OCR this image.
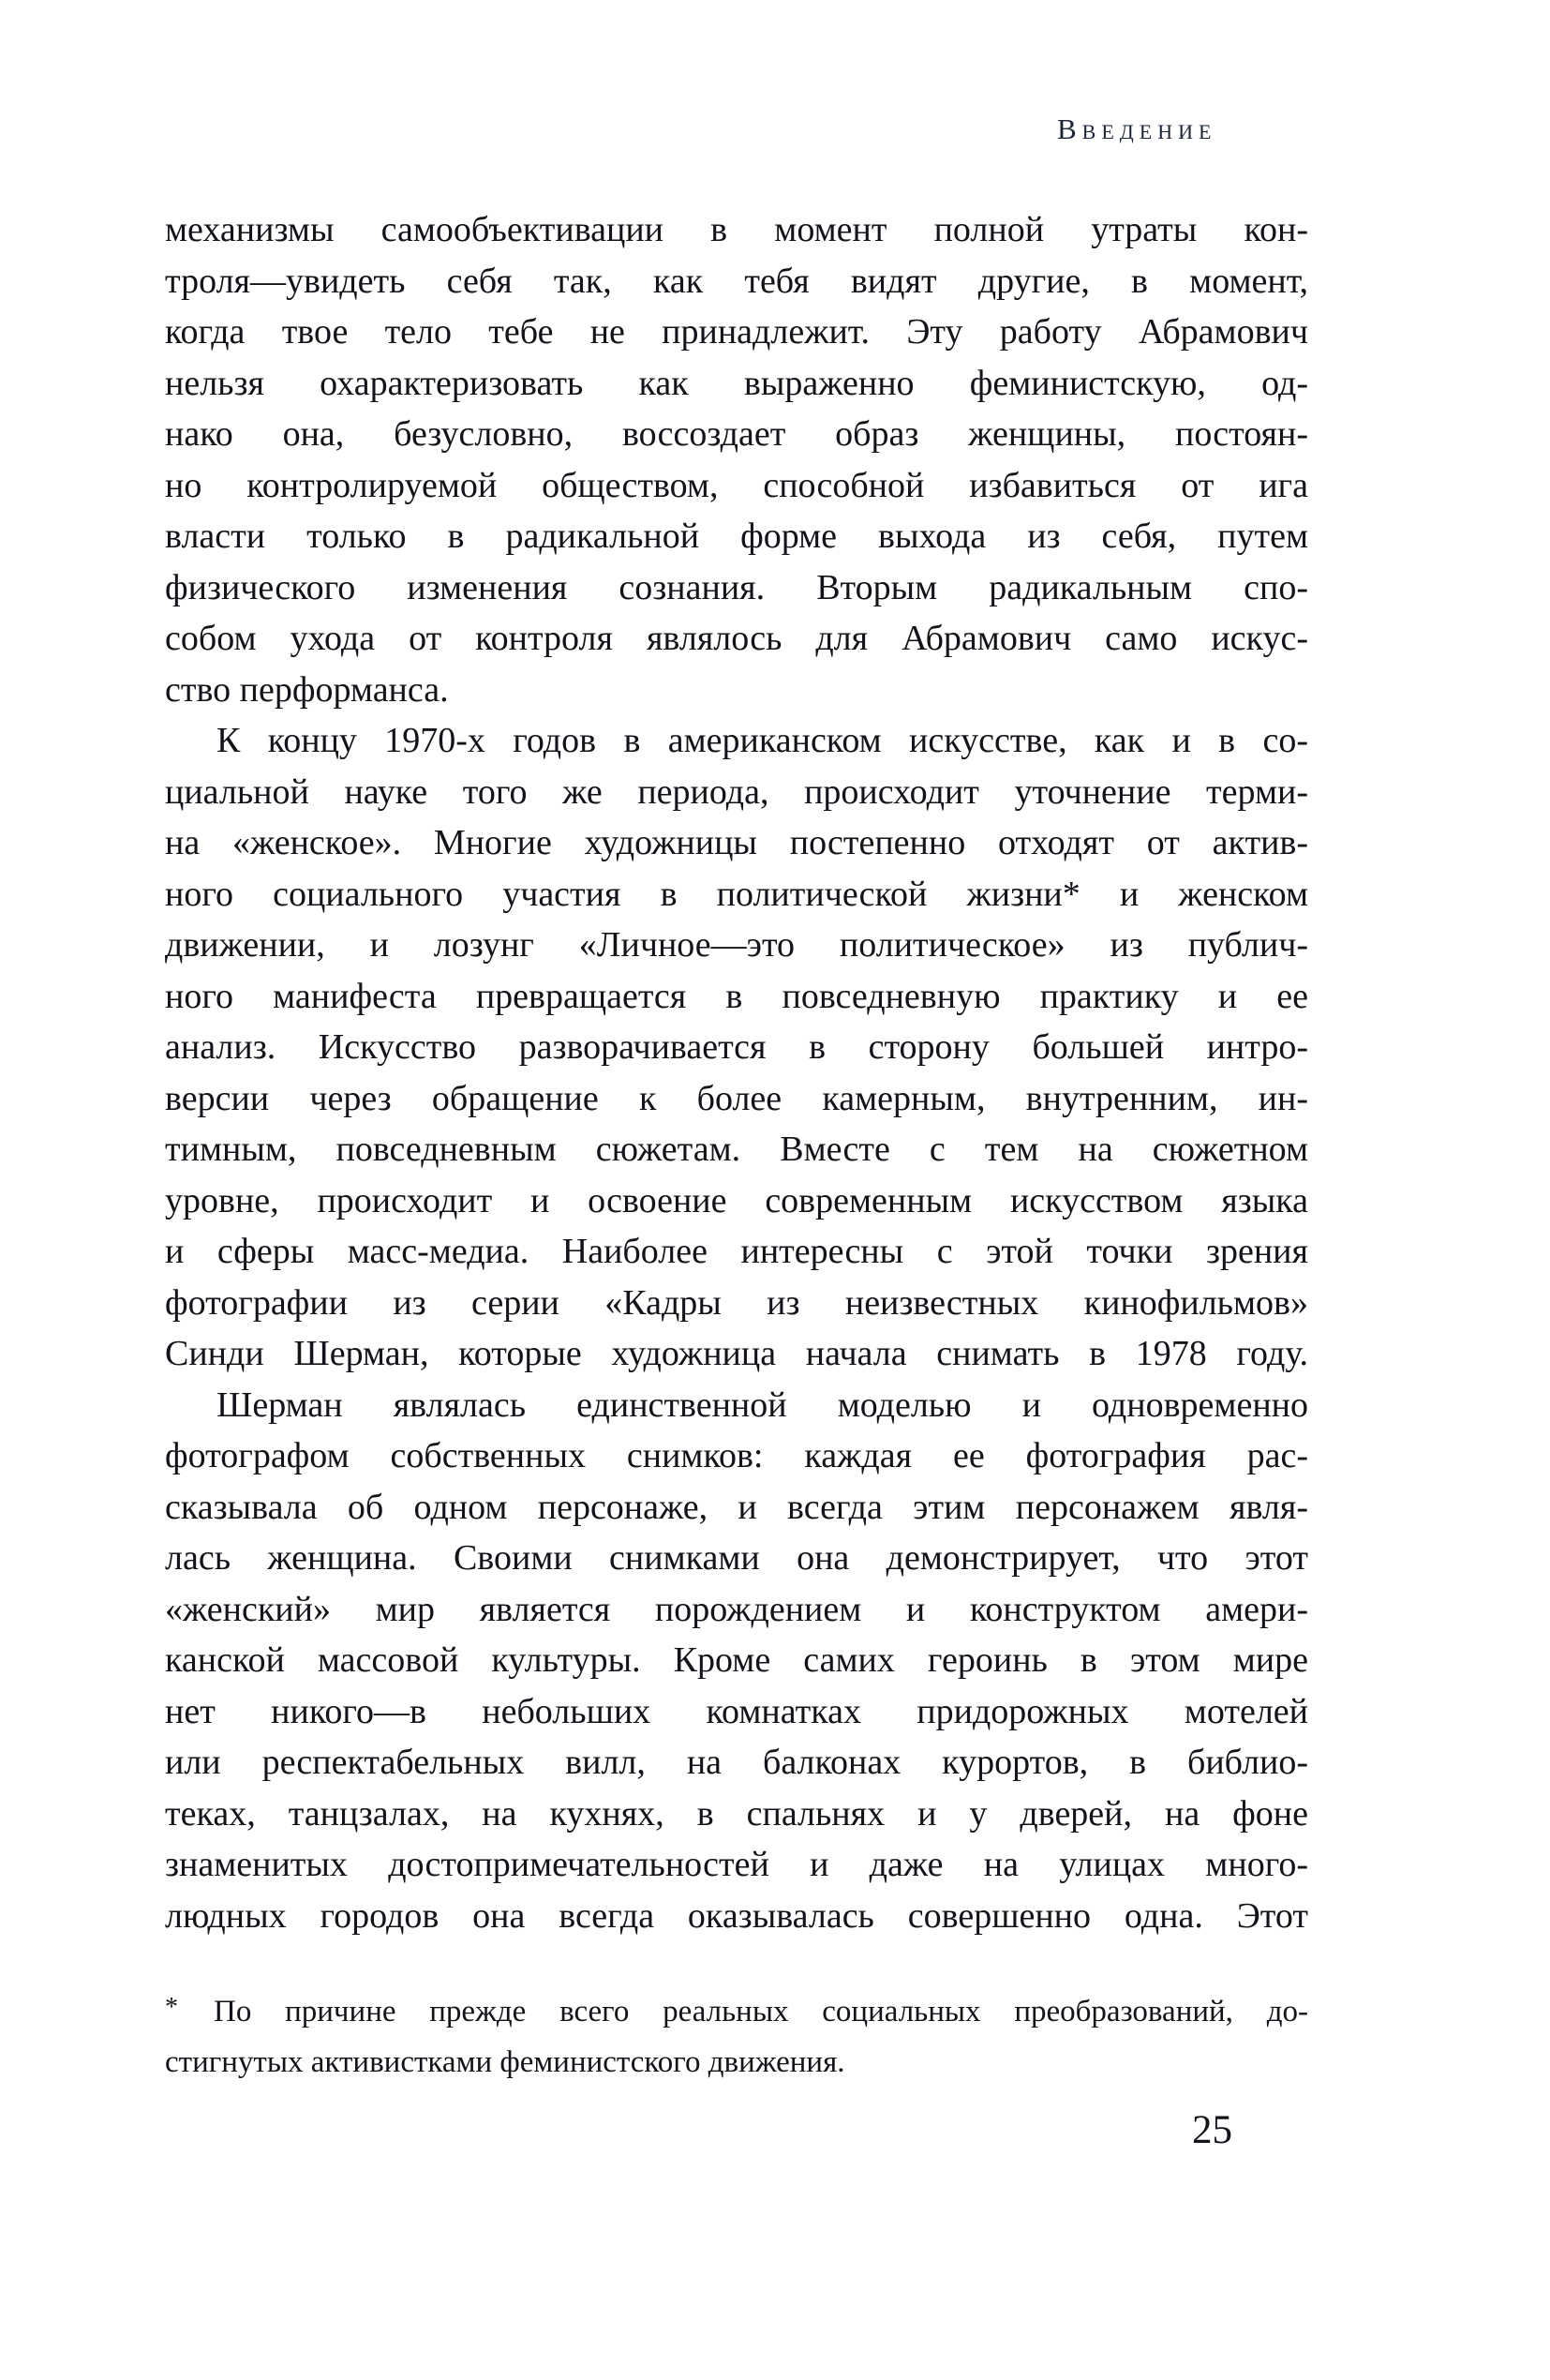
Введение
механизмы самообъективации в момент полной утраты кон-
троля—увидеть себя так, как тебя видят другие, в момент,
когда твое тело тебе не принадлежит. Эту работу Абрамович
нельзя охарактеризовать как выраженно феминистскую, од-
нако она, безусловно, воссоздает образ женщины, постоян-
но контролируемой обществом, способной избавиться от ига
власти только в радикальной форме выхода из себя, путем
физического изменения сознания. Вторым радикальным спо-
собом ухода от контроля являлось для Абрамович само искус-
ство перформанса.
К концу 1970-х годов в американском искусстве, как и в со-
циальной науке того же периода, происходит уточнение терми-
на «женское». Многие художницы постепенно отходят от актив-
ного социального участия в политической жизни* и женском
движении, и лозунг «Личное—это политическое» из публич-
ного манифеста превращается в повседневную практику и ее
анализ. Искусство разворачивается в сторону большей интро-
версии через обращение к более камерным, внутренним, ин-
тимным, повседневным сюжетам. Вместе с тем на сюжетном
уровне, происходит и освоение современным искусством языка
и сферы масс-медиа. Наиболее интересны с этой точки зрения
фотографии из серии «Кадры из неизвестных кинофильмов»
Синди Шерман, которые художница начала снимать в 1978 году.
Шерман являлась единственной моделью и одновременно
фотографом собственных снимков: каждая ее фотография рас-
сказывала об одном персонаже, и всегда этим персонажем явля-
лась женщина. Своими снимками она демонстрирует, что этот
«женский» мир является порождением и конструктом амери-
канской массовой культуры. Кроме самих героинь в этом мире
нет никого—в небольших комнатках придорожных мотелей
или респектабельных вилл, на балконах курортов, в библио-
теках, танцзалах, на кухнях, в спальнях и у дверей, на фоне
знаменитых достопримечательностей и даже на улицах много-
людных городов она всегда оказывалась совершенно одна. Этот
* По причине прежде всего реальных социальных преобразований, до-
стигнутых активистками феминистского движения.
25
